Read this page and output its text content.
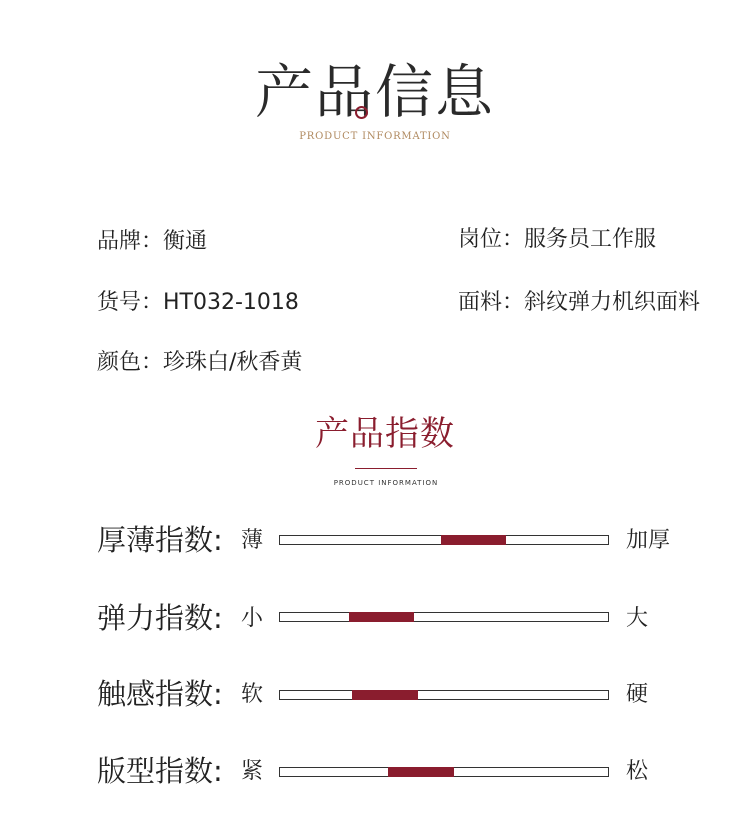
产品信息
PRODUCT INFORMATION
品牌：衡通	岗位：服务员工作服
货号：HT032-1018	面料：斜纹弹力机织面料
颜色：珍珠白/秋香黄
产品指数
PRODUCT INFORMATION
厚薄指数: 薄	加厚
弹力指数: 小	大
触感指数: 软	硬
版型指数: 紧	松
